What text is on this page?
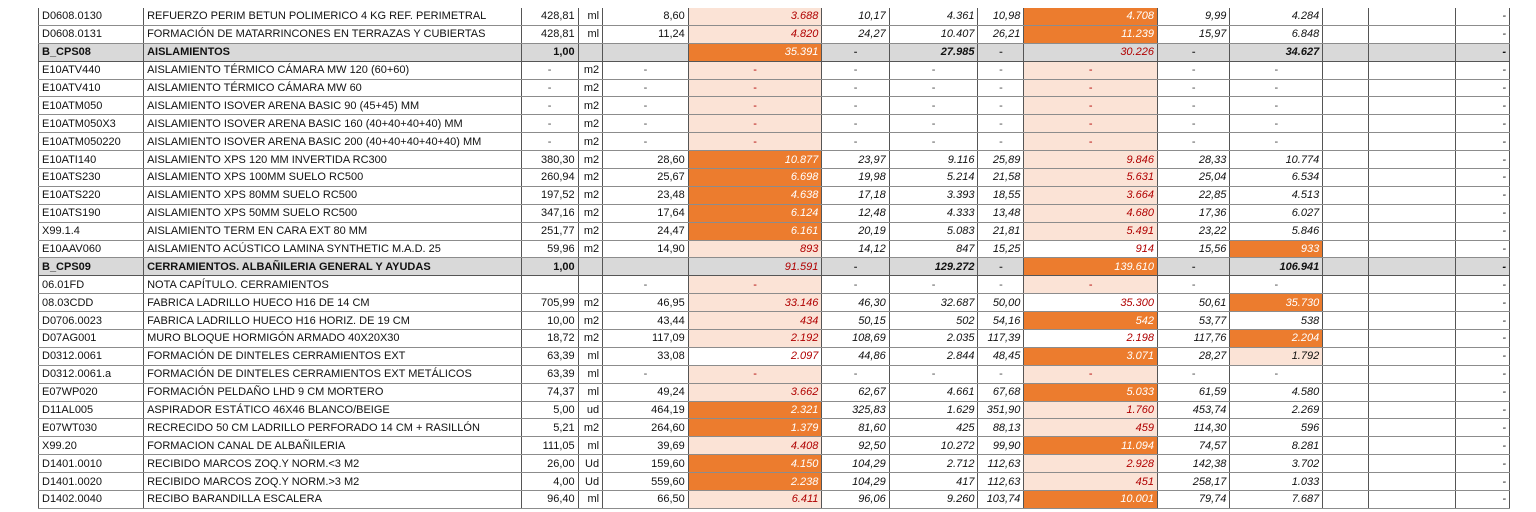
D0608.0130	REFUERZO PERIM BETUN POLIMERICO 4 KG REF. PERIMETRAL	428,81	ml	8,60	3.688	10,17	4.361	10,98	4.708	9,99	4.284			-
D0608.0131	FORMACIÓN DE MATARRINCONES EN TERRAZAS Y CUBIERTAS	428,81	ml	11,24	4.820	24,27	10.407	26,21	11.239	15,97	6.848			-
B_CPS08	AISLAMIENTOS	1,00			35.391	-	27.985	-	30.226	-	34.627			-
E10ATV440	AISLAMIENTO TÉRMICO CÁMARA MW 120 (60+60)	-	m2	-	-	-	-	-	-	-	-			-
E10ATV410	AISLAMIENTO TÉRMICO CÁMARA MW 60	-	m2	-	-	-	-	-	-	-	-			-
E10ATM050	AISLAMIENTO ISOVER ARENA BASIC 90 (45+45) MM	-	m2	-	-	-	-	-	-	-	-			-
E10ATM050X3	AISLAMIENTO ISOVER ARENA BASIC 160 (40+40+40+40) MM	-	m2	-	-	-	-	-	-	-	-			-
E10ATM050220	AISLAMIENTO ISOVER ARENA BASIC 200 (40+40+40+40+40) MM	-	m2	-	-	-	-	-	-	-	-			-
E10ATI140	AISLAMIENTO XPS 120 MM INVERTIDA RC300	380,30	m2	28,60	10.877	23,97	9.116	25,89	9.846	28,33	10.774			-
E10ATS230	AISLAMIENTO XPS 100MM SUELO RC500	260,94	m2	25,67	6.698	19,98	5.214	21,58	5.631	25,04	6.534			-
E10ATS220	AISLAMIENTO XPS 80MM SUELO RC500	197,52	m2	23,48	4.638	17,18	3.393	18,55	3.664	22,85	4.513			-
E10ATS190	AISLAMIENTO XPS 50MM SUELO RC500	347,16	m2	17,64	6.124	12,48	4.333	13,48	4.680	17,36	6.027			-
X99.1.4	AISLAMIENTO TERM EN CARA EXT 80 MM	251,77	m2	24,47	6.161	20,19	5.083	21,81	5.491	23,22	5.846			-
E10AAV060	AISLAMIENTO ACÚSTICO LAMINA SYNTHETIC M.A.D. 25	59,96	m2	14,90	893	14,12	847	15,25	914	15,56	933			-
B_CPS09	CERRAMIENTOS. ALBAÑILERIA GENERAL Y AYUDAS	1,00			91.591	-	129.272	-	139.610	-	106.941			-
06.01FD	NOTA CAPÍTULO. CERRAMIENTOS			-	-	-	-	-	-	-	-			-
08.03CDD	FABRICA LADRILLO HUECO H16 DE 14 CM	705,99	m2	46,95	33.146	46,30	32.687	50,00	35.300	50,61	35.730			-
D0706.0023	FABRICA LADRILLO HUECO H16 HORIZ. DE 19 CM	10,00	m2	43,44	434	50,15	502	54,16	542	53,77	538			-
D07AG001	MURO BLOQUE HORMIGÓN ARMADO 40X20X30	18,72	m2	117,09	2.192	108,69	2.035	117,39	2.198	117,76	2.204			-
D0312.0061	FORMACIÓN DE DINTELES CERRAMIENTOS EXT	63,39	ml	33,08	2.097	44,86	2.844	48,45	3.071	28,27	1.792			-
D0312.0061.a	FORMACIÓN DE DINTELES CERRAMIENTOS EXT METÁLICOS	63,39	ml	-	-	-	-	-	-	-	-			-
E07WP020	FORMACIÓN PELDAÑO LHD 9 CM MORTERO	74,37	ml	49,24	3.662	62,67	4.661	67,68	5.033	61,59	4.580			-
D11AL005	ASPIRADOR ESTÁTICO 46X46 BLANCO/BEIGE	5,00	ud	464,19	2.321	325,83	1.629	351,90	1.760	453,74	2.269			-
E07WT030	RECRECIDO 50 CM LADRILLO PERFORADO 14 CM + RASILLÓN	5,21	m2	264,60	1.379	81,60	425	88,13	459	114,30	596			-
X99.20	FORMACION CANAL DE ALBAÑILERIA	111,05	ml	39,69	4.408	92,50	10.272	99,90	11.094	74,57	8.281			-
D1401.0010	RECIBIDO MARCOS ZOQ.Y NORM.<3 M2	26,00	Ud	159,60	4.150	104,29	2.712	112,63	2.928	142,38	3.702			-
D1401.0020	RECIBIDO MARCOS ZOQ.Y NORM.>3 M2	4,00	Ud	559,60	2.238	104,29	417	112,63	451	258,17	1.033			-
D1402.0040	RECIBO BARANDILLA ESCALERA	96,40	ml	66,50	6.411	96,06	9.260	103,74	10.001	79,74	7.687			-
